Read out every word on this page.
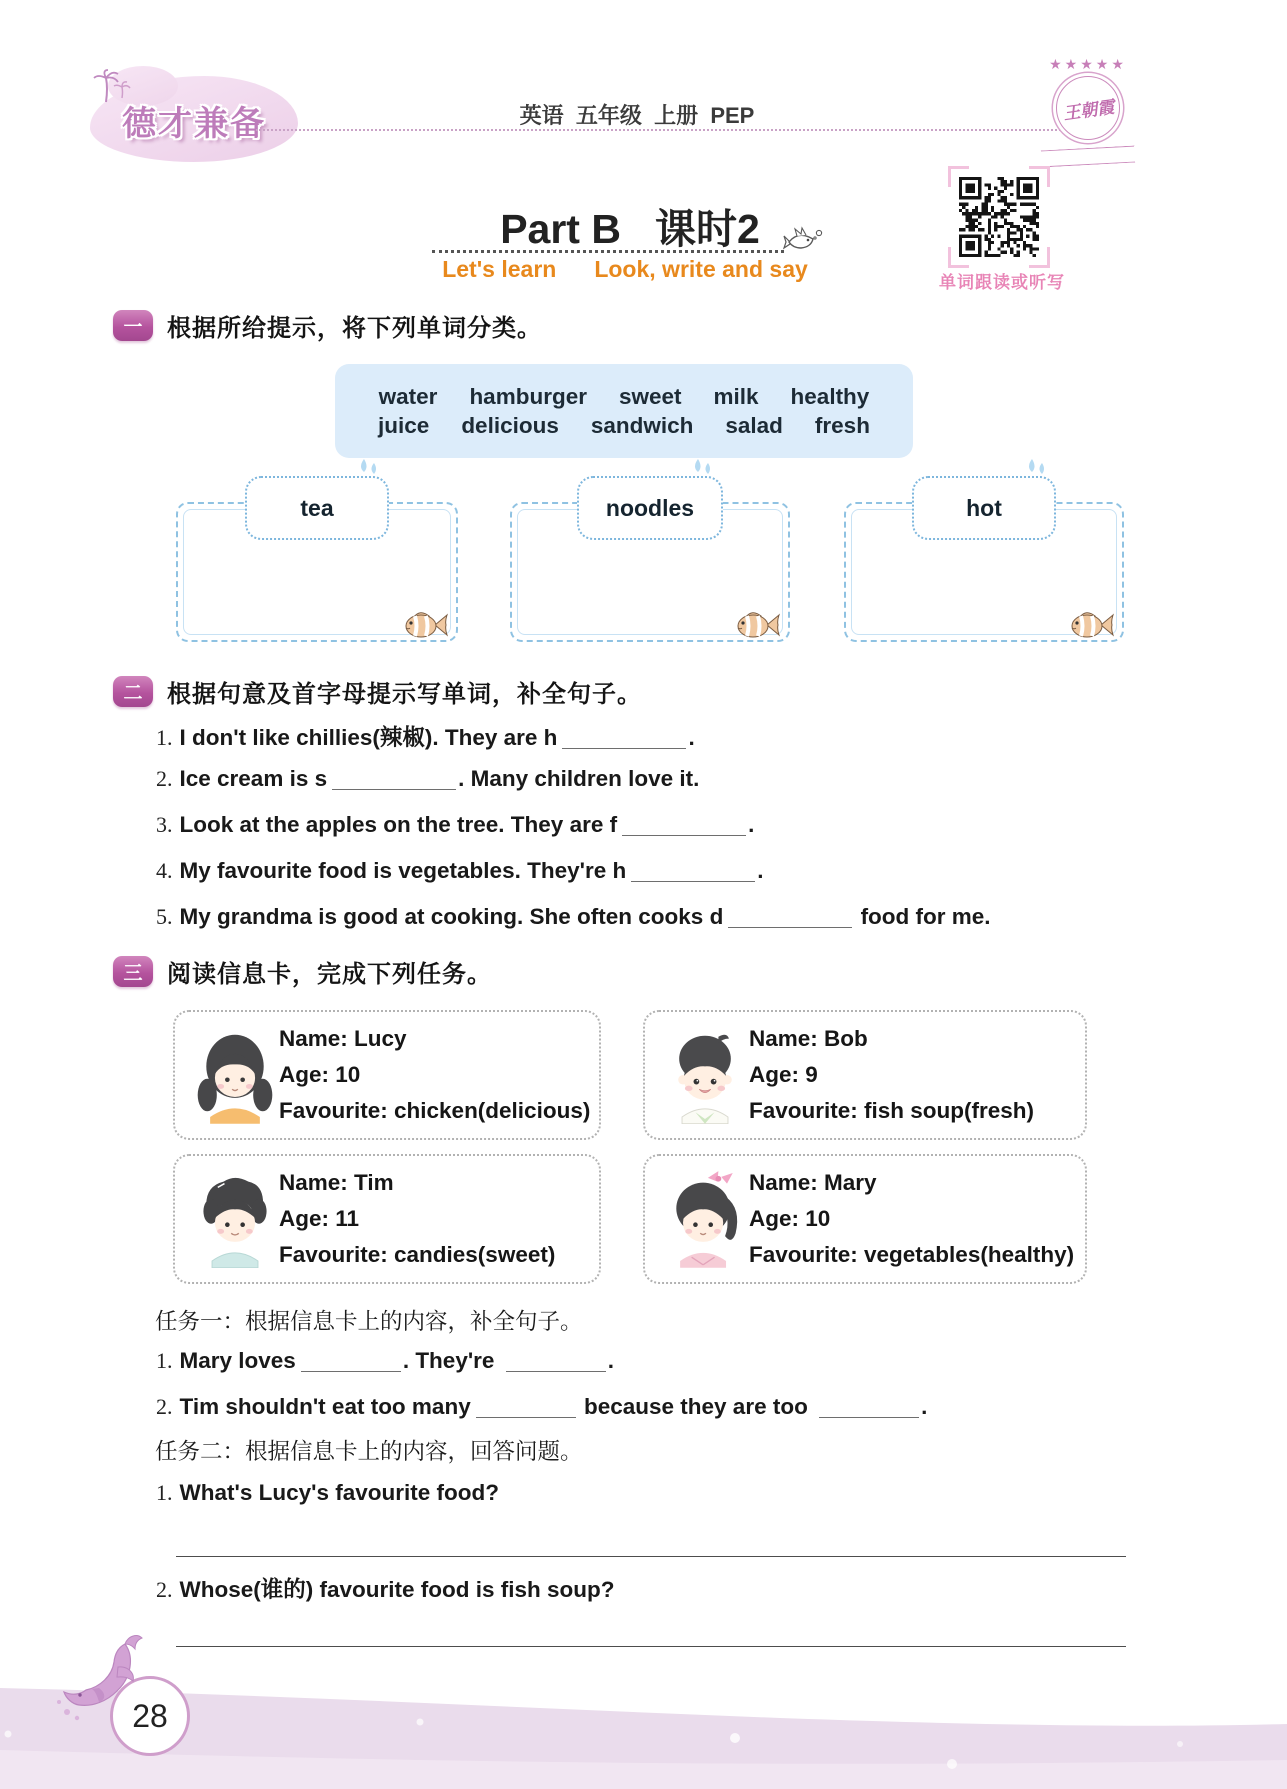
德才兼备	英语  五年级  上册  PEP
★★★★★
王朝霞
Part B 课时2
Let's learn Look, write and say
单词跟读或听写
一	根据所给提示，将下列单词分类。
water hamburger sweet milk healthy
juice delicious sandwich salad fresh
tea	noodles	hot
二	根据句意及首字母提示写单词，补全句子。
1. I don't like chillies(辣椒). They are h	.
2. Ice cream is s	. Many children love it.
3. Look at the apples on the tree. They are f	.
4. My favourite food is vegetables. They're h	.
5. My grandma is good at cooking. She often cooks d	food for me.
三	阅读信息卡，完成下列任务。
Name: Lucy
Age: 10
Favourite: chicken(delicious)
Name: Bob
Age: 9
Favourite: fish soup(fresh)
Name: Tim
Age: 11
Favourite: candies(sweet)
Name: Mary
Age: 10
Favourite: vegetables(healthy)
任务一：根据信息卡上的内容，补全句子。
1. Mary loves	. They're	.
2. Tim shouldn't eat too many	because they are too	.
任务二：根据信息卡上的内容，回答问题。
1. What's Lucy's favourite food?
2. Whose(谁的) favourite food is fish soup?
28
